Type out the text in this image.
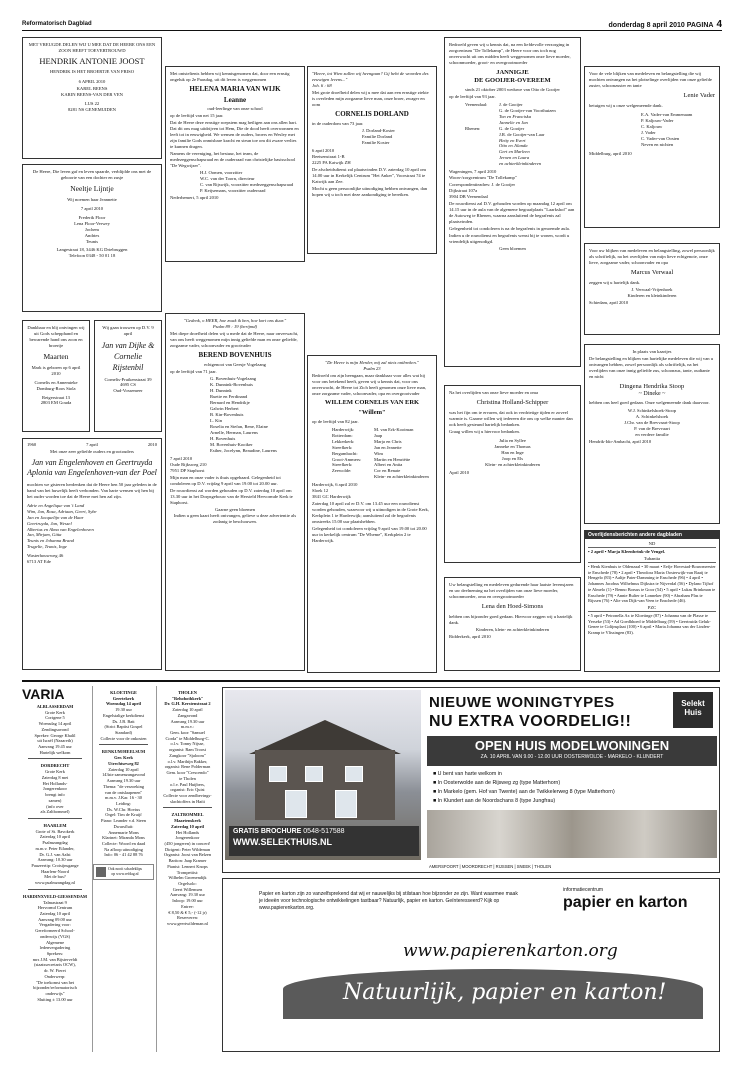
Reformatorisch Dagblad	donderdag 8 april 2010 PAGINA 4

MET VREUGDE DELEN WIJ U MEE DAT DE HEERE ONS EEN ZOON HEEFT TOEVERTROUWD

HENDRIK ANTONIE JOOST

HENDRIK IS HET BROERTJE VAN FRISO

6 APRIL 2010

KAREL BEENS
KARIN BEENS-VAN DER VEN

LUS 22
8281 NS GENEMUIDEN

De Heere, Die leven gaf en leven spaarde, verblijdde ons met de geboorte van een dochter en zusje

Neeltje Lijntje

Wij noemen haar Jeannette

7 april 2010

Frederik Floor
Lena Floor-Verwey
Jochem
Andries
Teunis

Langestraat 18, 3446 KG Driebruggen
Telefoon 0348 - 50 01 18

Dankbaar en blij ontvingen wij uit Gods schepphand en bewarende hand ons zoon en broertje

Maarten

Mark is geboren op 6 april 2010

Cornelis en Annemieke Domburg-Roos Stola

Reigerstraat 13
2803 EM Gouda

Wij gaan trouwen op D.V. 9 april

Jan van Dijke & Cornelie Rijstenbil

Cornelis-Pruikenstraat 39
4695 CS
Oud-Vossemeer

1960	7 april	2010

Met onze zeer geliefde ouders en grootouders

Jan van Engelenhoven en Geertruyda Aplonia van Engelenhoven-van der Poel

mochten we gisteren herdenken dat de Heere hen 50 jaar geleden in de band van het huwelijk heeft verbonden. Van harte wensen wij hen bij het ouder worden toe dat de Heere met hen zal zijn.

Adrie en Angelique van 't Land
Wim, Jan, Rosa, Adriaan, Geert, Sybe
Jan en Jacquelijn van de Haar
Geertruyda, Jan, Wessel
Albertus en Alma van Engelenhoven
Jan, Mirjam, Gitta
Teunis en Johanna Brand
Trugelie, Teunis, Inge

Wasterhouwweg 46
6713 AT Ede

Met ontsteltenis hebben wij kennisgenomen dat, door een ernstig ongeluk op 2e Paasdag, uit dit leven is weggenomen

HELENA MARIA VAN WIJK
Leanne

oud-leerlinge van onze school

op de leeftijd van net 15 jaar.

Dat de Heere deze ernstige roepstem mag heiligen aan ons allen hart. Dat dit ons mag uitdrijven tot Hem, Die de dood heeft overwonnen en leeft tot in eeuwigheid. We wensen de ouders, broers en Wesley met zijn familie Gods onmisbare kracht en steun toe om dit zware verlies te kunnen dragen.

Namens de vereniging, het bestuur, het team, de medezeggenschapsraad en de ouderraad van christelijke basisschool "De Wegwijzer".

H.J. Oomen, voorzitter
W.C. van der Toorn, directeur
C. van Rijswijk, voorzitter medezeggenschapsraad
P. Keijsemans, voorzitter ouderraad

Nederhemert, 5 april 2010

"Gedenk, o HEER, hoe zwak ik ben, hoe kort ons duur."
Psalm 89 : 19 (berijmd)

Met diepe droefheid delen wij u mede dat de Heere, naar onverwacht, van ons heeft weggenomen mijn innig geliefde man en onze geliefde, zorgzame vader, schoonvader en grootvader

BEREND BOVENHUIS

echtgenoot van Geesje Vogelzang

op de leeftijd van 71 jaar.

G. Bovenhuis-Vogelzang
K. Dunnink-Bovenhuis
H. Dunnink
Ruetie en Ferdinand
Bernard en Hendrikje
Galwin Herbert
B. Kin-Bovenhuis
L. Kin
Roselia en Stefan, Rene, Elaine
Arnelle, Herman, Laurens
H. Bovenhuis
M. Bovenhuis-Kooiker
Esther, Jocelynn, Beaudine, Laurens

7 april 2010
Oude Rijksweg 210
7951 DP Staphorst

Mijn man en onze vader is thuis opgebaard. Gelegenheid tot condoleren op D.V. vrijdag 9 april van 19.00 tot 20.00 uur.

De rouwdienst zal worden gehouden op D.V. zaterdag 10 april om 13.30 uur in het Dorpsgebouw van de Hersteld Hervormde Kerk te Staphorst.

Gaarne geen bloemen
Indien u geen kaart heeft ontvangen, gelieve u deze advertentie als zodanig te beschouwen.

"Heere, tot Wien zullen wij heengaan? Gij hebt de woorden des eeuwigen levens..."
Joh. 6 : 68

Met grote droefheid delen wij u mee dat aan een ernstige ziekte is overleden mijn zorgzame lieve man, onze broer, zwager en oom

CORNELIS DORLAND

in de ouderdom van 73 jaar.

J. Dorland-Koster
Familie Dorland
Familie Koster

6 april 2010
Beetsenstraat 1-B
2225 PA Katwijk ZH

De afscheidsdienst zal plaatsvinden D.V. zaterdag 10 april om 14.00 uur in Kerkelijk Centrum "Het Anker", Voorstraat 74 te Katwijk aan Zee.

Mocht u geen persoonlijke uitnodiging hebben ontvangen, dan hopen wij u toch met deze aankondiging te bereiken.

"De Heere is mijn Herder, mij zal niets ontbreken."
Psalm 23

Bedroefd om zijn heengaan, maar dankbaar voor alles wat hij voor ons betekend heeft, geven wij u kennis dat, voor ons onverwacht, de Heere tot Zich heeft genomen onze lieve man, onze zorgzame vader, schoonvader, opa en overgrootvader

WILLEM CORNELIS VAN ERK
"Willem"

op de leeftijd van 82 jaar.

Harderwijk:	M. van Erk-Kooiman
Rotterdam:	Jaap
Lekkerkerk:	Marja en Chris
Streefkerk:	Jan en Jeanette
Bergambacht:	Wim
Groot-Ammers:	Martin en Henriëtte
Streefkerk:	Albert en Anita
Zeewolde:	Cor en Renate
Klein- en achterkleinkinderen

Harderwijk, 6 april 2010
Sloek 12
3841 GC Harderwijk

Zaterdag 10 april zal er D.V. om 13.45 uur een rouwdienst worden gehouden, waarvoor wij u uitnodigen in de Grote Kerk, Kerkplein 1 te Harderwijk; aansluitend zal de begrafenis omstreeks 15.00 uur plaatshebben.

Gelegenheid tot condoleren vrijdag 9 april van 19.00 tot 20.00 uur in kerkelijk centrum "De Wheme", Kerkplein 2 te Harderwijk.

Bedroefd geven wij u kennis dat, na een liefdevolle verzorging in zorgcentrum "De Tollekamp", de Heere voor ons toch nog onverwacht uit ons midden heeft weggenomen onze lieve moeder, schoonmoeder, groot- en overgrootmoeder

JANNIGJE
DE GOOIJER-OVEREEM

sinds 21 oktober 2003 weduwe van Otto de Gooijer

op de leeftijd van 93 jaar.

Veenendaal:	J. de Gooijer
G. de Gooijer-van Voorthuizen
Ton en Franciska
Jannelie en Jan
Rhenen:	G. de Gooijer
J.R. de Gooijer-van Laar
Hetty en Evert
Otto en Jilanda
Gert en Marleen
Jeroen en Laura
en achterkleinkinderen

Wageningen, 7 april 2010
Woon-/zorgcentrum "De Tollekamp"

Correspondentieadres: J. de Gooijer
Dijkstraat 107a
3904 DB Veenendaal

De rouwdienst zal D.V. gehouden worden op maandag 12 april om 14.15 uur in de aula van de algemene begraafplaats "Laarkshof" aan de Autoweg te Rhenen, waarna aansluitend de begrafenis zal plaatsvinden.

Gelegenheid tot condoleren is na de begrafenis in genoemde aula.

Indien u de rouwdienst en begrafenis wenst bij te wonen, wordt u vriendelijk uitgenodigd.

Geen bloemen

Na het overlijden van onze lieve moeder en oma

Christina Holland-Schipper

was het fijn om te ervaren, dat ook in verdrietige tijden er zoveel warmte is. Gaarne willen wij iedereen die ons op welke manier dan ook heeft gesteund hartelijk bedanken.

Graag willen wij u hiervoor bedanken.

Julia en Syllee
Janneke en Thomas
Han en Inge
Joop en Els
Klein- en achterkleinkinderen

April 2010

Uw belangstelling en medeleven gedurende haar laatste levensjaren en uw deelneming na het overlijden van onze lieve moeder, schoonmoeder, oma en overgrootmoeder

Lena den Hoed-Simons

hebben ons bijzonder goed gedaan. Hiervoor zeggen wij u hartelijk dank.

Kinderen, klein- en achterkleinkinderen

Ridderkerk, april 2010

Voor de vele blijken van medeleven en belangstelling die wij mochten ontvangen na het plotselinge overlijden van onze geliefde zuster, schoonzuster en tante

Lenie Vader

betuigen wij u onze welgemeende dank.

E.A. Vader-van Emmenaam
P. Kaljouw-Vader
C. Kaljouw
J. Vader
C. Vader-van Oosten
Neven en nichten

Middelburg, april 2010

Voor uw blijken van medeleven en belangstelling, zowel persoonlijk als schriftelijk, na het overlijden van mijn lieve echtgenote, onze lieve, zorgzame vader, schoonvader en opa

Marcus Verwaal

zeggen wij u hartelijk dank.

J. Verwaal-Vrijenhoek
Kinderen en kleinkinderen

Schiedam, april 2010

In plaats van kaartjes

De belangstelling en blijken van hartelijke medeleven die wij van u ontvangen hebben, zowel persoonlijk als schriftelijk, na het overlijden van onze innig geliefde zus, schoonzus, tante, oudtante en nicht

Dingena Hendrika Stoop
~ Dineke ~

hebben ons heel goed gedaan. Onze welgemeende dank daarvoor.

W.J. Schinkelshoek-Stoop
A. Schinkelshoek
J.Chr. van de Brevvaart-Stoop
P. van de Brevvaart
en verdere familie

Hendrik-Ido-Ambacht, april 2010

Overlijdensberichten andere dagbladen
ND

• 2 april • Marja Kleenbrink-de Vengel.

Tubantia

• Henk Kienhuis te Oldenzaal • 30 maart • Eefje Hovestad-Bouwmeester te Enschede (78) • 2 april • Theodora Maria Oosterwijk-van Raaij te Hengelo (83) • Aaltje Pater-Damming te Enschede (96) • 4 april • Johannes Jacobus Wilhelmus Dijkstra te Nijverdal (56) • Dylano Tijhof te Almelo (1) • Benno Borsus te Goor (54) • 5 april • Lukas Brinkman te Enschede (79) • Annie Bulter te Lonneker (90) • Abraham Plas te Rijssen (76) • Alie van Dijk-van Veen te Enschede (46).

PZC

• 5 april • Petronella Ax te Kloetinge (87) • Johanna van de Plasse te Yerseke (53) • Ad Goedhhoed te Middelburg (59) • Geertruida Geluk-Genee te Colijnsplaat (100) • 6 april • Maria Johanna van der Linden-Kramp te Vlissingen (83).

VARIA
ALBLASSERDAM
Grote Kerk
Cortgene 5
Woensdag 14 april
Zendingsavond
Spreker: George Khalil
uit Israël (Nazareth)
Aanvang 19.45 uur
Hartelijk welkom
DORDRECHT
Grote Kerk
Zaterdag 8 mei
Het Hollands-
Jongerenkoor
brengt info
samen)
(info over
als Zaltbommel)
HAARLEM
Grote of St. Bavokerk
Zaterdag 10 april
Psalmzangdag
m.m.v. Peter Eilander,
Dr. G.J. van Aalst
Aanvang: 10.30 uur
Pauzeertip: Croisijnsgange
Haarlem-Noord
Met de bus?
www.psalmzangdag.nl
HARDINXVELD-GIESSENDAM
Talmastraat 9
Hervormd Centrum
Zaterdag 10 april
Aanvang 09.00 uur
Vergadering voor:
Gereformeerd School-
onderwijs (VGS)
Algemene
ledenvergadering
Sprekers:
mrs J.M. van Bijsterveldt
(staatssecretaris OCW),
dr. W. Fieret
Onderwerp:
"De toekomst van het
bijzonder/reformatorisch
onderwijs"
Sluiting ± 13.00 uur
KLOETINGE
Geertekerk
Woensdag 14 april
19.30 uur
Engelstalige kerkdienst
Ds. J.B. Batt
(Strict Baptist Gospel
Standard)
Collecte voor de onkosten
RENKUM/HEELSUM
Ger. Kerk
Utrechtseweg 82
Zaterdag 10 april
143ste samenzangavond
Aanvang 19.30 uur
Thema: "de verzoeking
van de ontslaapenen"
m.m.v. J.Kar. 16 - 30
Leiding:
Ds. W.Chr. Hovius
Orgel: Tim de Kruijf
Piano: Leander v.d. Steen
Dwarsfluit:
Annemarie Mons
Klarinet: Miranda Mons
Collecte: Woord en daad
Na afloop uitnodiging
Info: 06 - 41 42 88 76
Ook nooit schadeklips
op www.refdag.nl
THOLEN
"Rehobothkerk"
Dr. G.H. Kerstenstraat 2
Zaterdag 10 april
Zangavond
Aanvang 19.30 uur
m.m.v.:
Gem. koor "Samuel
Corda" te Middelburg-C.
o.l.v. Tonny Nijsse,
organist: Ram Troost
Zangkoor "Sjaloom"
o.l.v. Marthijn Bakker,
organist: Rene Polderman
Gem. koor "Crescendo"
te Tholen
o.l.v. Paul Huijbers,
organist: Eric Quist
Collecte voor zendbevings-
slachtoffers in Haïti
ZALTBOMMEL
Maartenskerk
Zaterdag 10 april
Het Hollands
Jongerenkoor
(450 jongeren) in concert!
Dirigent: Peter Wildeman
Organist: Joost van Belzen
Bariton: Jaap Kramer
Pianist: Lennert Knops
Trompettist:
Wilhelm Groenendijk
Orgelsolo:
Geert Willemsen
Aanvang: 19.30 uur
Inloop: 19.00 uur
Entree:
€ 8,50 & € 5,- (-12 jr)
Reserveren:
www.geertwildeman.nl
NIEUWE WONINGTYPES
NU EXTRA VOORDELIG!!
Selekt Huis
OPEN HUIS MODELWONINGEN
ZA. 10 APRIL VAN 9.00 - 12.00 UUR OOSTERWOLDE - MARKELO - KLUNDERT
■ U bent van harte welkom in
■ In Oosterwolde aan de Rijsweg zg (type Matterhorn)
■ In Markelo (gem. Hof van Twente) aan de Twikkelerweg 8 (type Matterhorn)
■ In Klundert aan de Noordschans 8 (type Jungfrau)
GRATIS BROCHURE 0548-517588
WWW.SELEKTHUIS.NL
AMERSFOORT | MOORDRECHT | RIJSSEN | SNEEK | THOLEN
Papier en karton zijn zo vanzelfsprekend dat wij er nauwelijks bij stilstaan hoe bijzonder ze zijn. Want waarmee maak je ideeën voor technologische ontwikkelingen tastbaar? Natuurlijk, papier en karton. Geïnteresseerd? Kijk op www.papierenkarton.org.
informatiecentrum
papier en karton
www.papierenkarton.org
Natuurlijk, papier en karton!
